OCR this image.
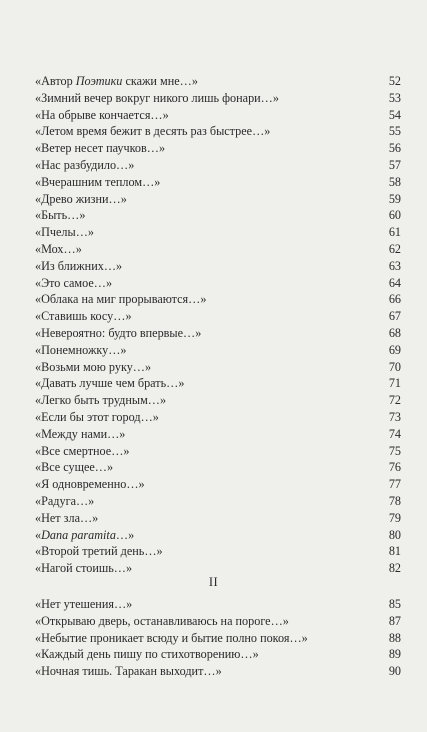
«Автор Поэтики скажи мне…»	52
«Зимний вечер вокруг никого лишь фонари…»	53
«На обрыве кончается…»	54
«Летом время бежит в десять раз быстрее…»	55
«Ветер несет паучков…»	56
«Нас разбудило…»	57
«Вчерашним теплом…»	58
«Древо жизни…»	59
«Быть…»	60
«Пчелы…»	61
«Мох…»	62
«Из ближних…»	63
«Это самое…»	64
«Облака на миг прорываются…»	66
«Ставишь косу…»	67
«Невероятно: будто впервые…»	68
«Понемножку…»	69
«Возьми мою руку…»	70
«Давать лучше чем брать…»	71
«Легко быть трудным…»	72
«Если бы этот город…»	73
«Между нами…»	74
«Все смертное…»	75
«Все сущее…»	76
«Я одновременно…»	77
«Радуга…»	78
«Нет зла…»	79
«Dana paramita…»	80
«Второй третий день…»	81
«Нагой стоишь…»	82
II
«Нет утешения…»	85
«Открываю дверь, останавливаюсь на пороге…»	87
«Небытие проникает всюду и бытие полно покоя…»	88
«Каждый день пишу по стихотворению…»	89
«Ночная тишь. Таракан выходит…»	90
